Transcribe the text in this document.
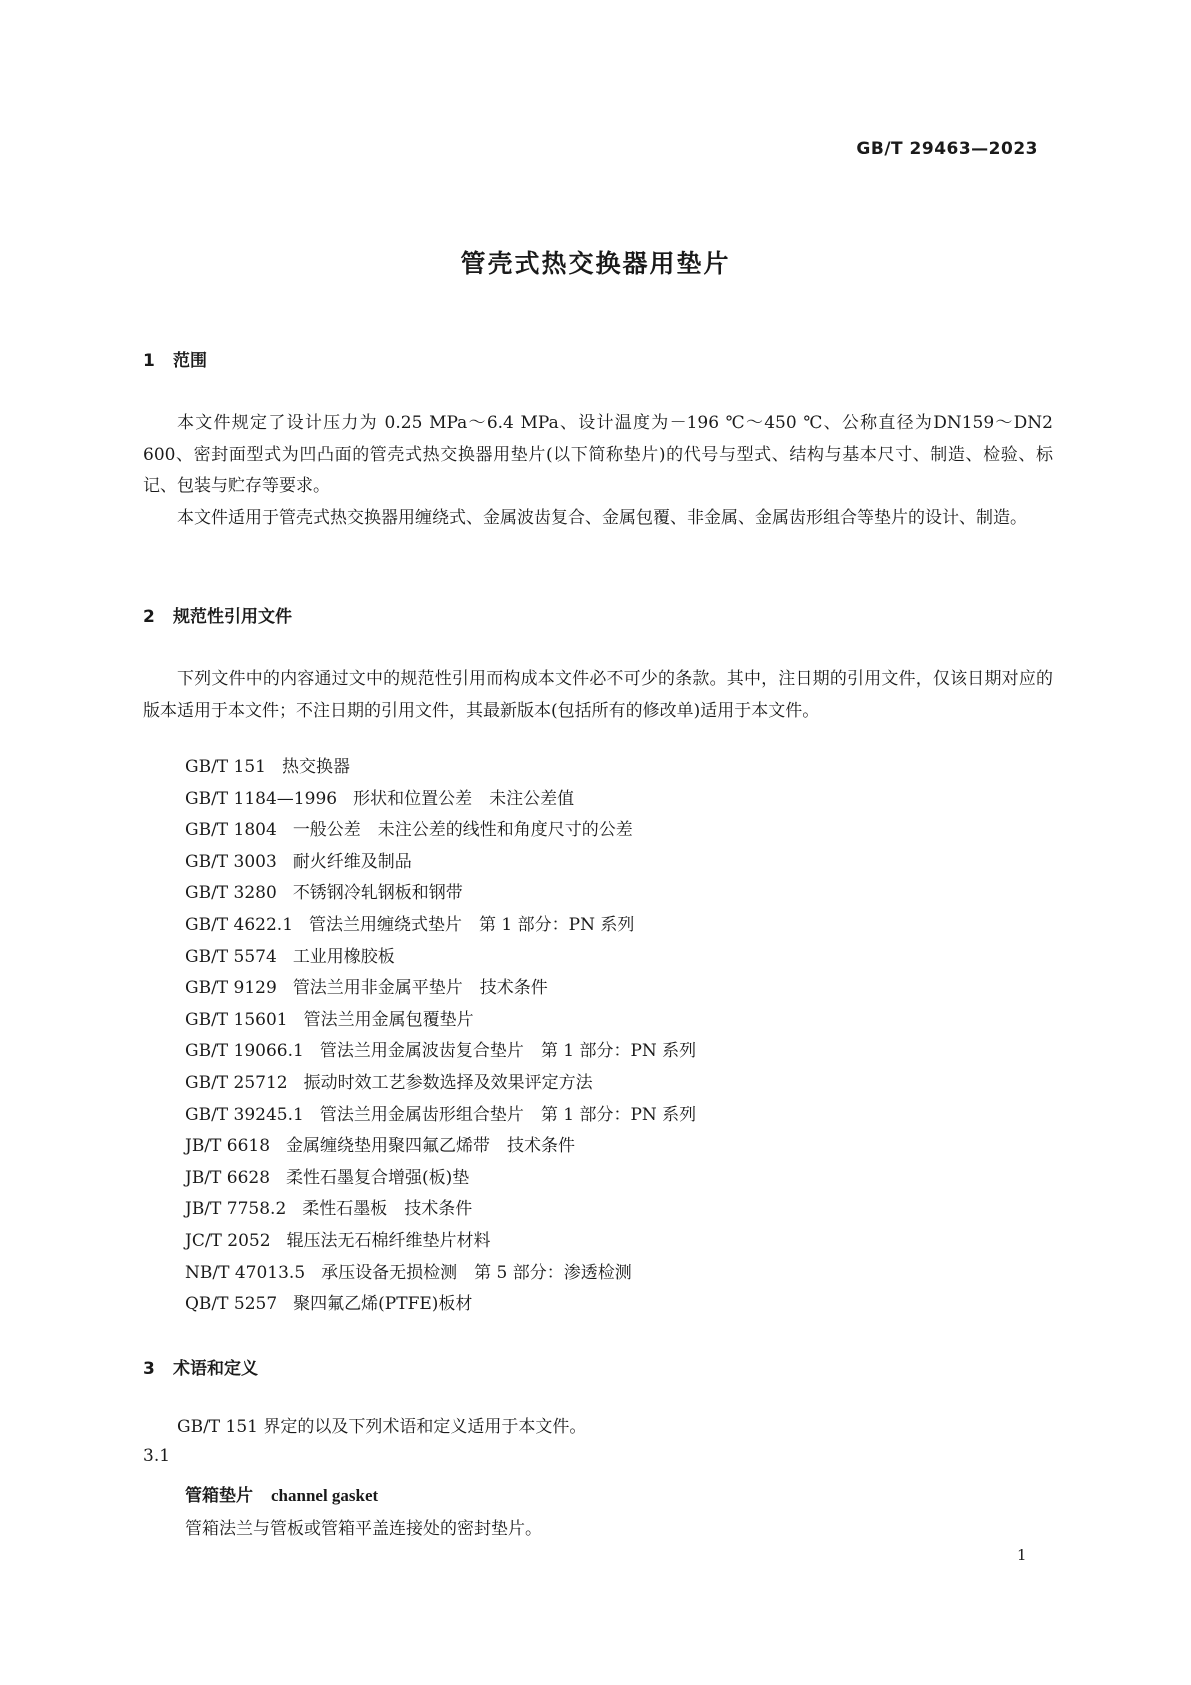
GB/T 29463—2023
管壳式热交换器用垫片
1 范围

本文件规定了设计压力为 0.25 MPa～6.4 MPa、设计温度为－196 ℃～450 ℃、公称直径为DN159～DN2 600、密封面型式为凹凸面的管壳式热交换器用垫片(以下简称垫片)的代号与型式、结构与基本尺寸、制造、检验、标记、包装与贮存等要求。

本文件适用于管壳式热交换器用缠绕式、金属波齿复合、金属包覆、非金属、金属齿形组合等垫片的设计、制造。

2 规范性引用文件

下列文件中的内容通过文中的规范性引用而构成本文件必不可少的条款。其中，注日期的引用文件，仅该日期对应的版本适用于本文件；不注日期的引用文件，其最新版本(包括所有的修改单)适用于本文件。

GB/T 151 热交换器
GB/T 1184—1996 形状和位置公差　未注公差值
GB/T 1804 一般公差　未注公差的线性和角度尺寸的公差
GB/T 3003 耐火纤维及制品
GB/T 3280 不锈钢冷轧钢板和钢带
GB/T 4622.1 管法兰用缠绕式垫片　第 1 部分：PN 系列
GB/T 5574 工业用橡胶板
GB/T 9129 管法兰用非金属平垫片　技术条件
GB/T 15601 管法兰用金属包覆垫片
GB/T 19066.1 管法兰用金属波齿复合垫片　第 1 部分：PN 系列
GB/T 25712 振动时效工艺参数选择及效果评定方法
GB/T 39245.1 管法兰用金属齿形组合垫片　第 1 部分：PN 系列
JB/T 6618 金属缠绕垫用聚四氟乙烯带　技术条件
JB/T 6628 柔性石墨复合增强(板)垫
JB/T 7758.2 柔性石墨板　技术条件
JC/T 2052 辊压法无石棉纤维垫片材料
NB/T 47013.5 承压设备无损检测　第 5 部分：渗透检测
QB/T 5257 聚四氟乙烯(PTFE)板材
3 术语和定义

GB/T 151 界定的以及下列术语和定义适用于本文件。

3.1
管箱垫片 channel gasket
管箱法兰与管板或管箱平盖连接处的密封垫片。
1
